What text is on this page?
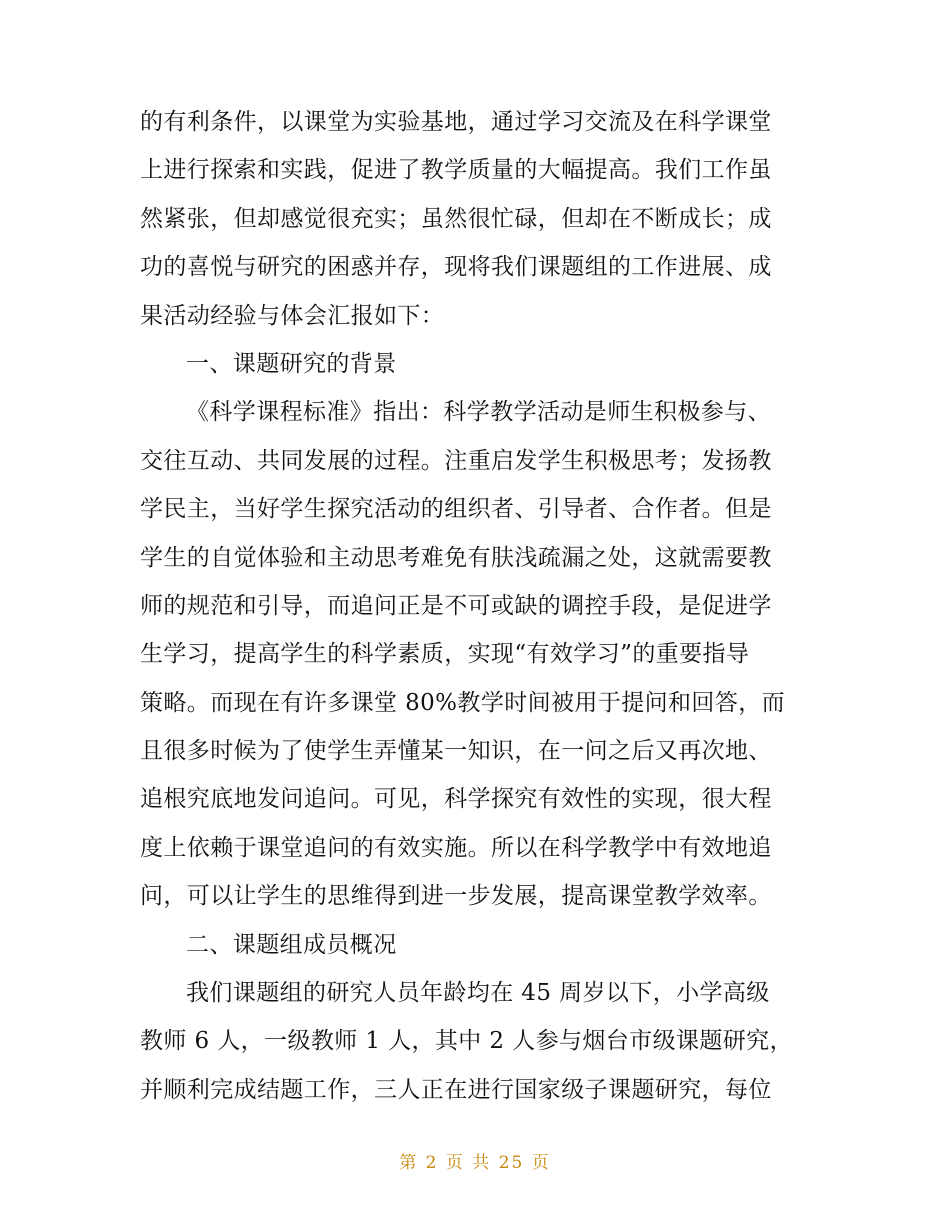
的有利条件，以课堂为实验基地，通过学习交流及在科学课堂
上进行探索和实践，促进了教学质量的大幅提高。我们工作虽
然紧张，但却感觉很充实；虽然很忙碌，但却在不断成长；成
功的喜悦与研究的困惑并存，现将我们课题组的工作进展、成
果活动经验与体会汇报如下：
一、课题研究的背景
《科学课程标准》指出：科学教学活动是师生积极参与、
交往互动、共同发展的过程。注重启发学生积极思考；发扬教
学民主，当好学生探究活动的组织者、引导者、合作者。但是
学生的自觉体验和主动思考难免有肤浅疏漏之处，这就需要教
师的规范和引导，而追问正是不可或缺的调控手段，是促进学
生学习，提高学生的科学素质，实现“有效学习”的重要指导
策略。而现在有许多课堂 80%教学时间被用于提问和回答，而
且很多时候为了使学生弄懂某一知识，在一问之后又再次地、
追根究底地发问追问。可见，科学探究有效性的实现，很大程
度上依赖于课堂追问的有效实施。所以在科学教学中有效地追
问，可以让学生的思维得到进一步发展，提高课堂教学效率。
二、课题组成员概况
我们课题组的研究人员年龄均在 45 周岁以下，小学高级
教师 6 人，一级教师 1 人，其中 2 人参与烟台市级课题研究，
并顺利完成结题工作，三人正在进行国家级子课题研究，每位
第 2 页 共 25 页
